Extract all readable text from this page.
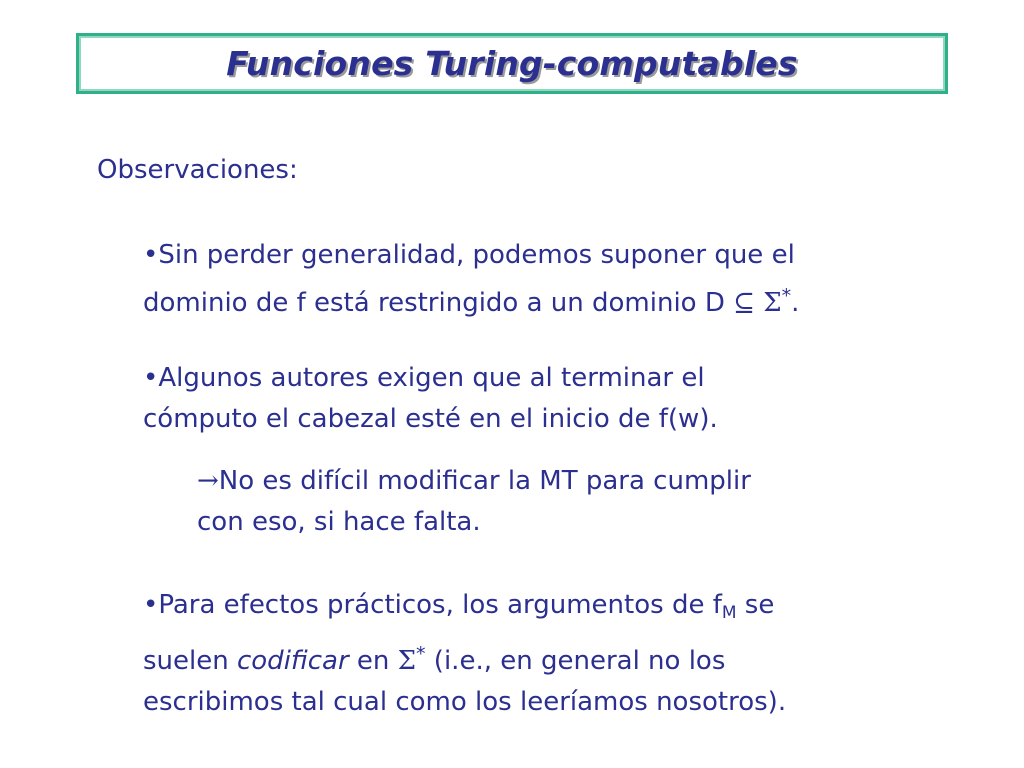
Funciones Turing-computables
Observaciones:
•Sin perder generalidad, podemos suponer que el
dominio de f está restringido a un dominio D ⊆ Σ*.
•Algunos autores exigen que al terminar el
cómputo el cabezal esté en el inicio de f(w).
→No es difícil modificar la MT para cumplir
con eso, si hace falta.
•Para efectos prácticos, los argumentos de $f_M$ se
suelen codificar en Σ* (i.e., en general no los
escribimos tal cual como los leeríamos nosotros).
